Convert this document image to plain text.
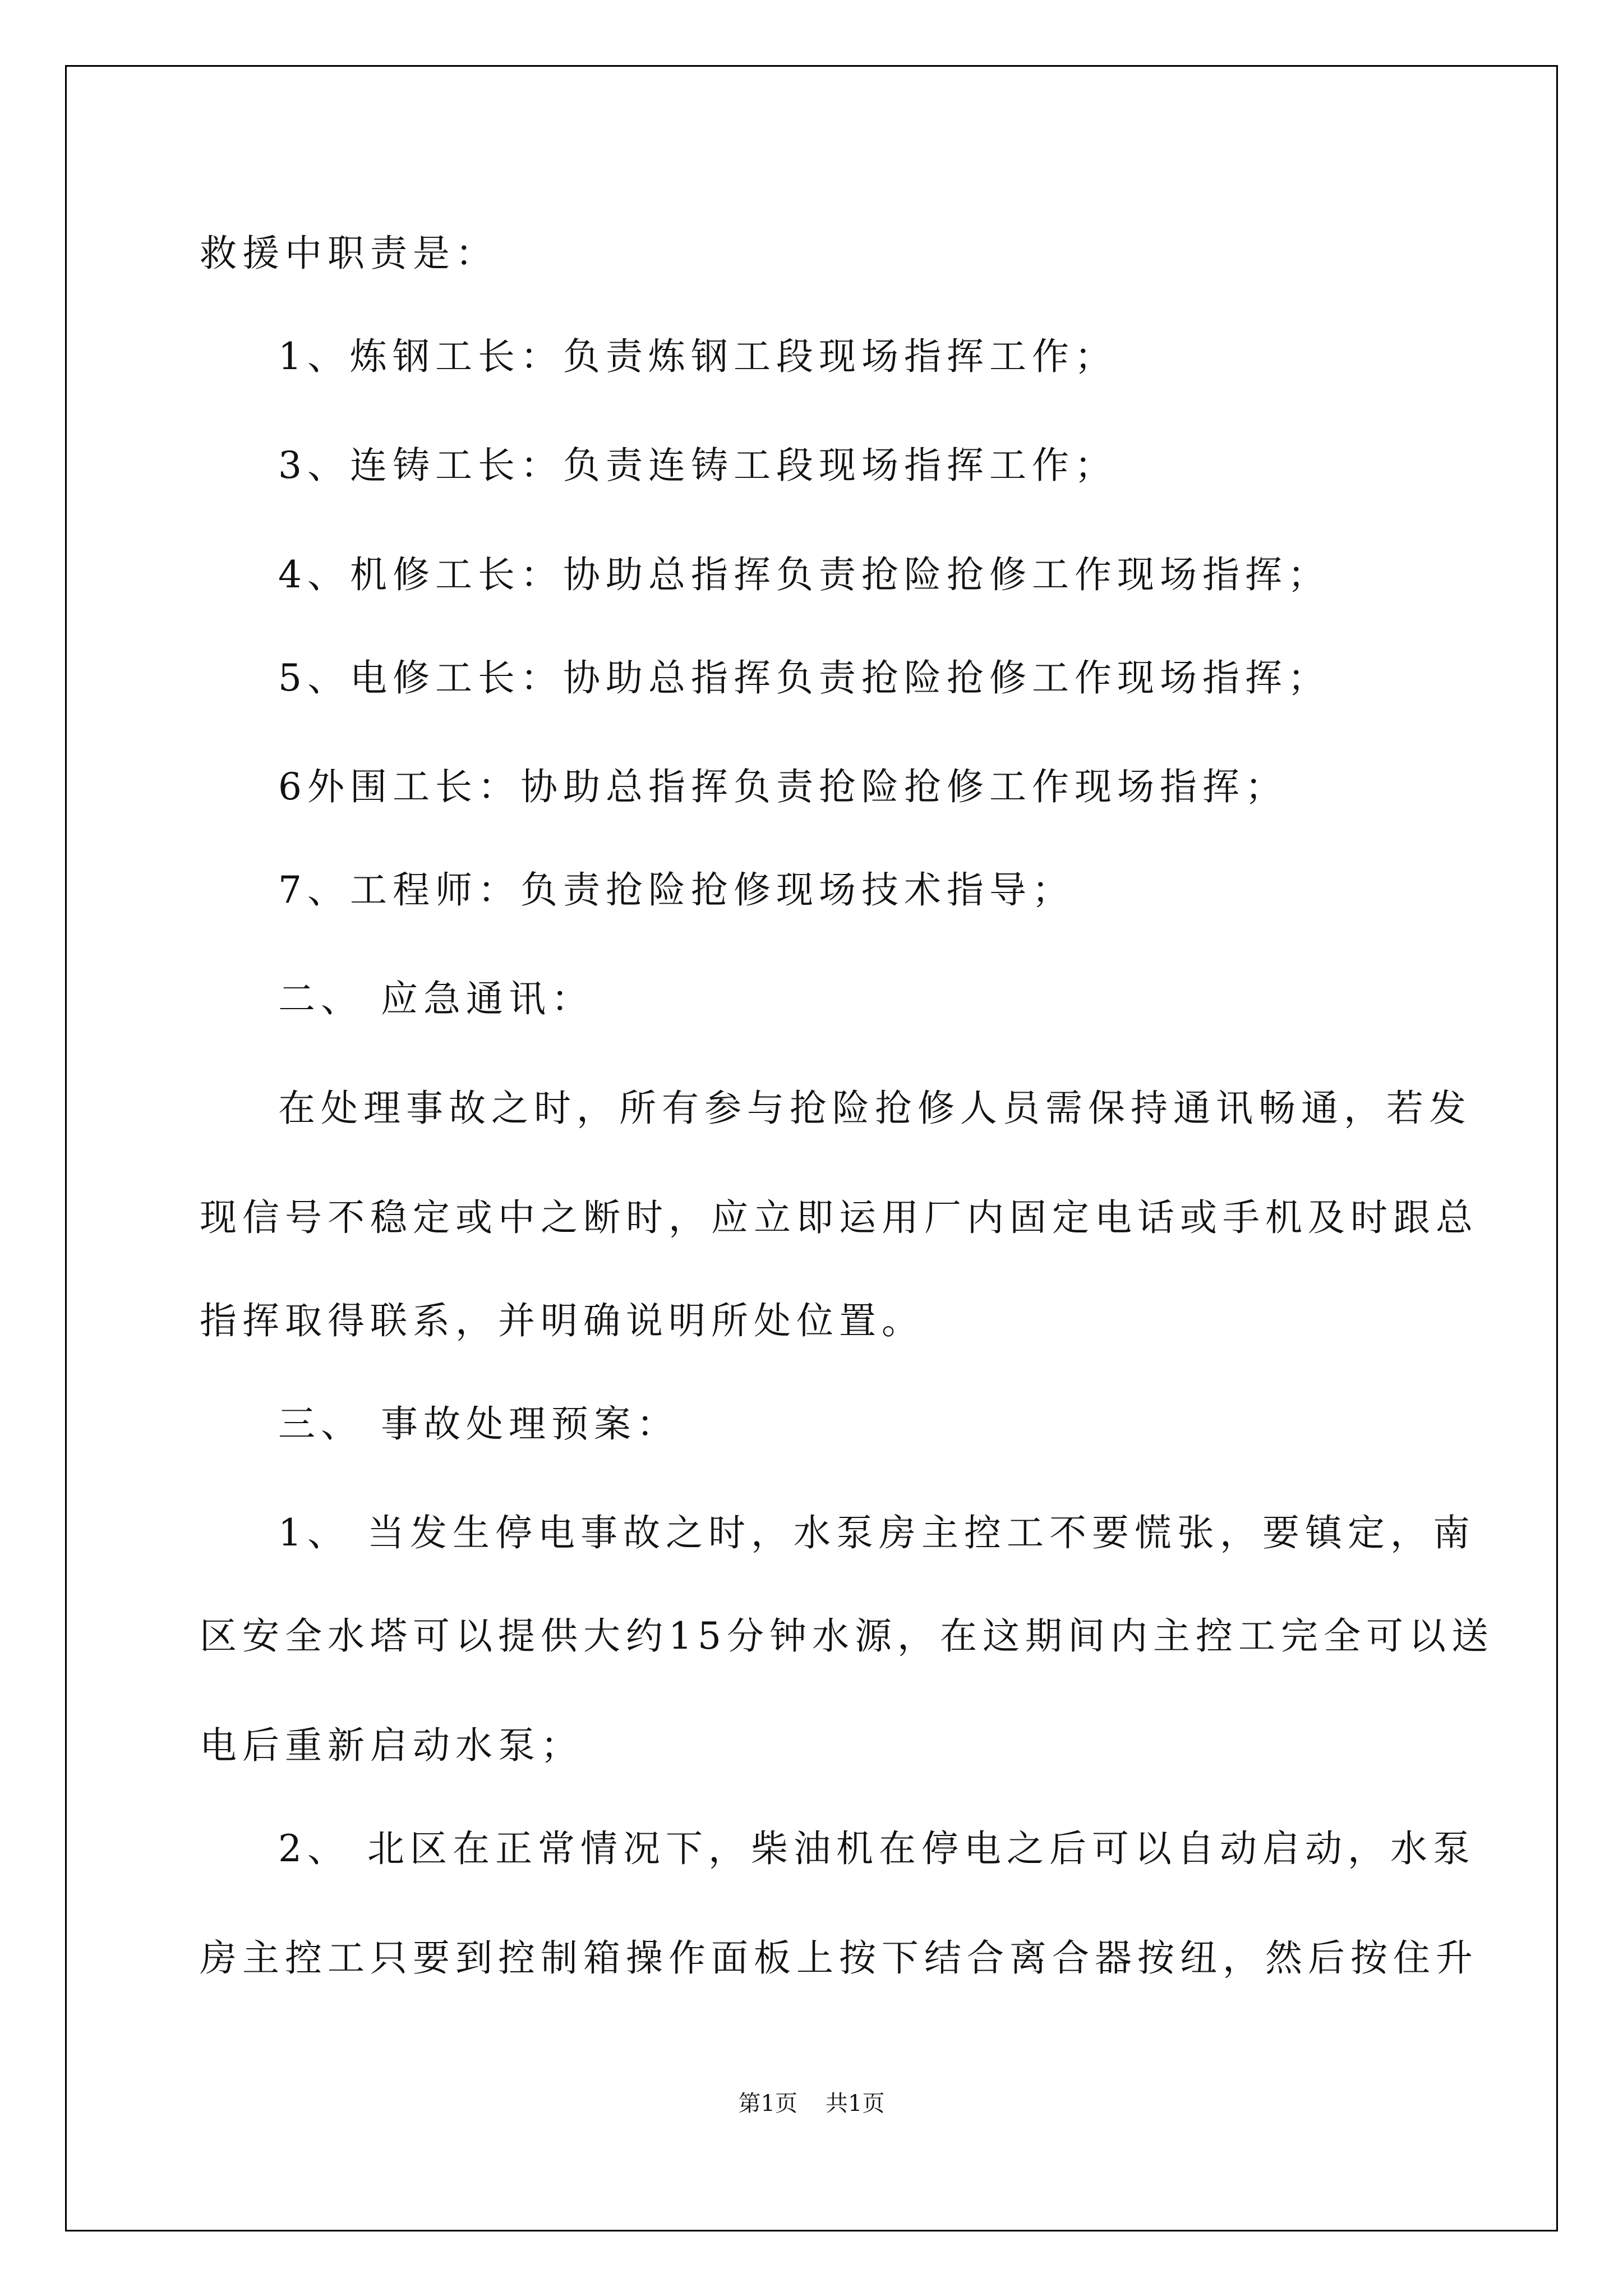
救援中职责是：
1、炼钢工长：负责炼钢工段现场指挥工作；
3、连铸工长：负责连铸工段现场指挥工作；
4、机修工长：协助总指挥负责抢险抢修工作现场指挥；
5、电修工长：协助总指挥负责抢险抢修工作现场指挥；
6外围工长：协助总指挥负责抢险抢修工作现场指挥；
7、工程师：负责抢险抢修现场技术指导；
二、 应急通讯：
在处理事故之时，所有参与抢险抢修人员需保持通讯畅通，若发
现信号不稳定或中之断时，应立即运用厂内固定电话或手机及时跟总
指挥取得联系，并明确说明所处位置。
三、 事故处理预案：
1、 当发生停电事故之时，水泵房主控工不要慌张，要镇定，南
区安全水塔可以提供大约15分钟水源，在这期间内主控工完全可以送
电后重新启动水泵；
2、 北区在正常情况下，柴油机在停电之后可以自动启动，水泵
房主控工只要到控制箱操作面板上按下结合离合器按纽，然后按住升
第1页 共1页
